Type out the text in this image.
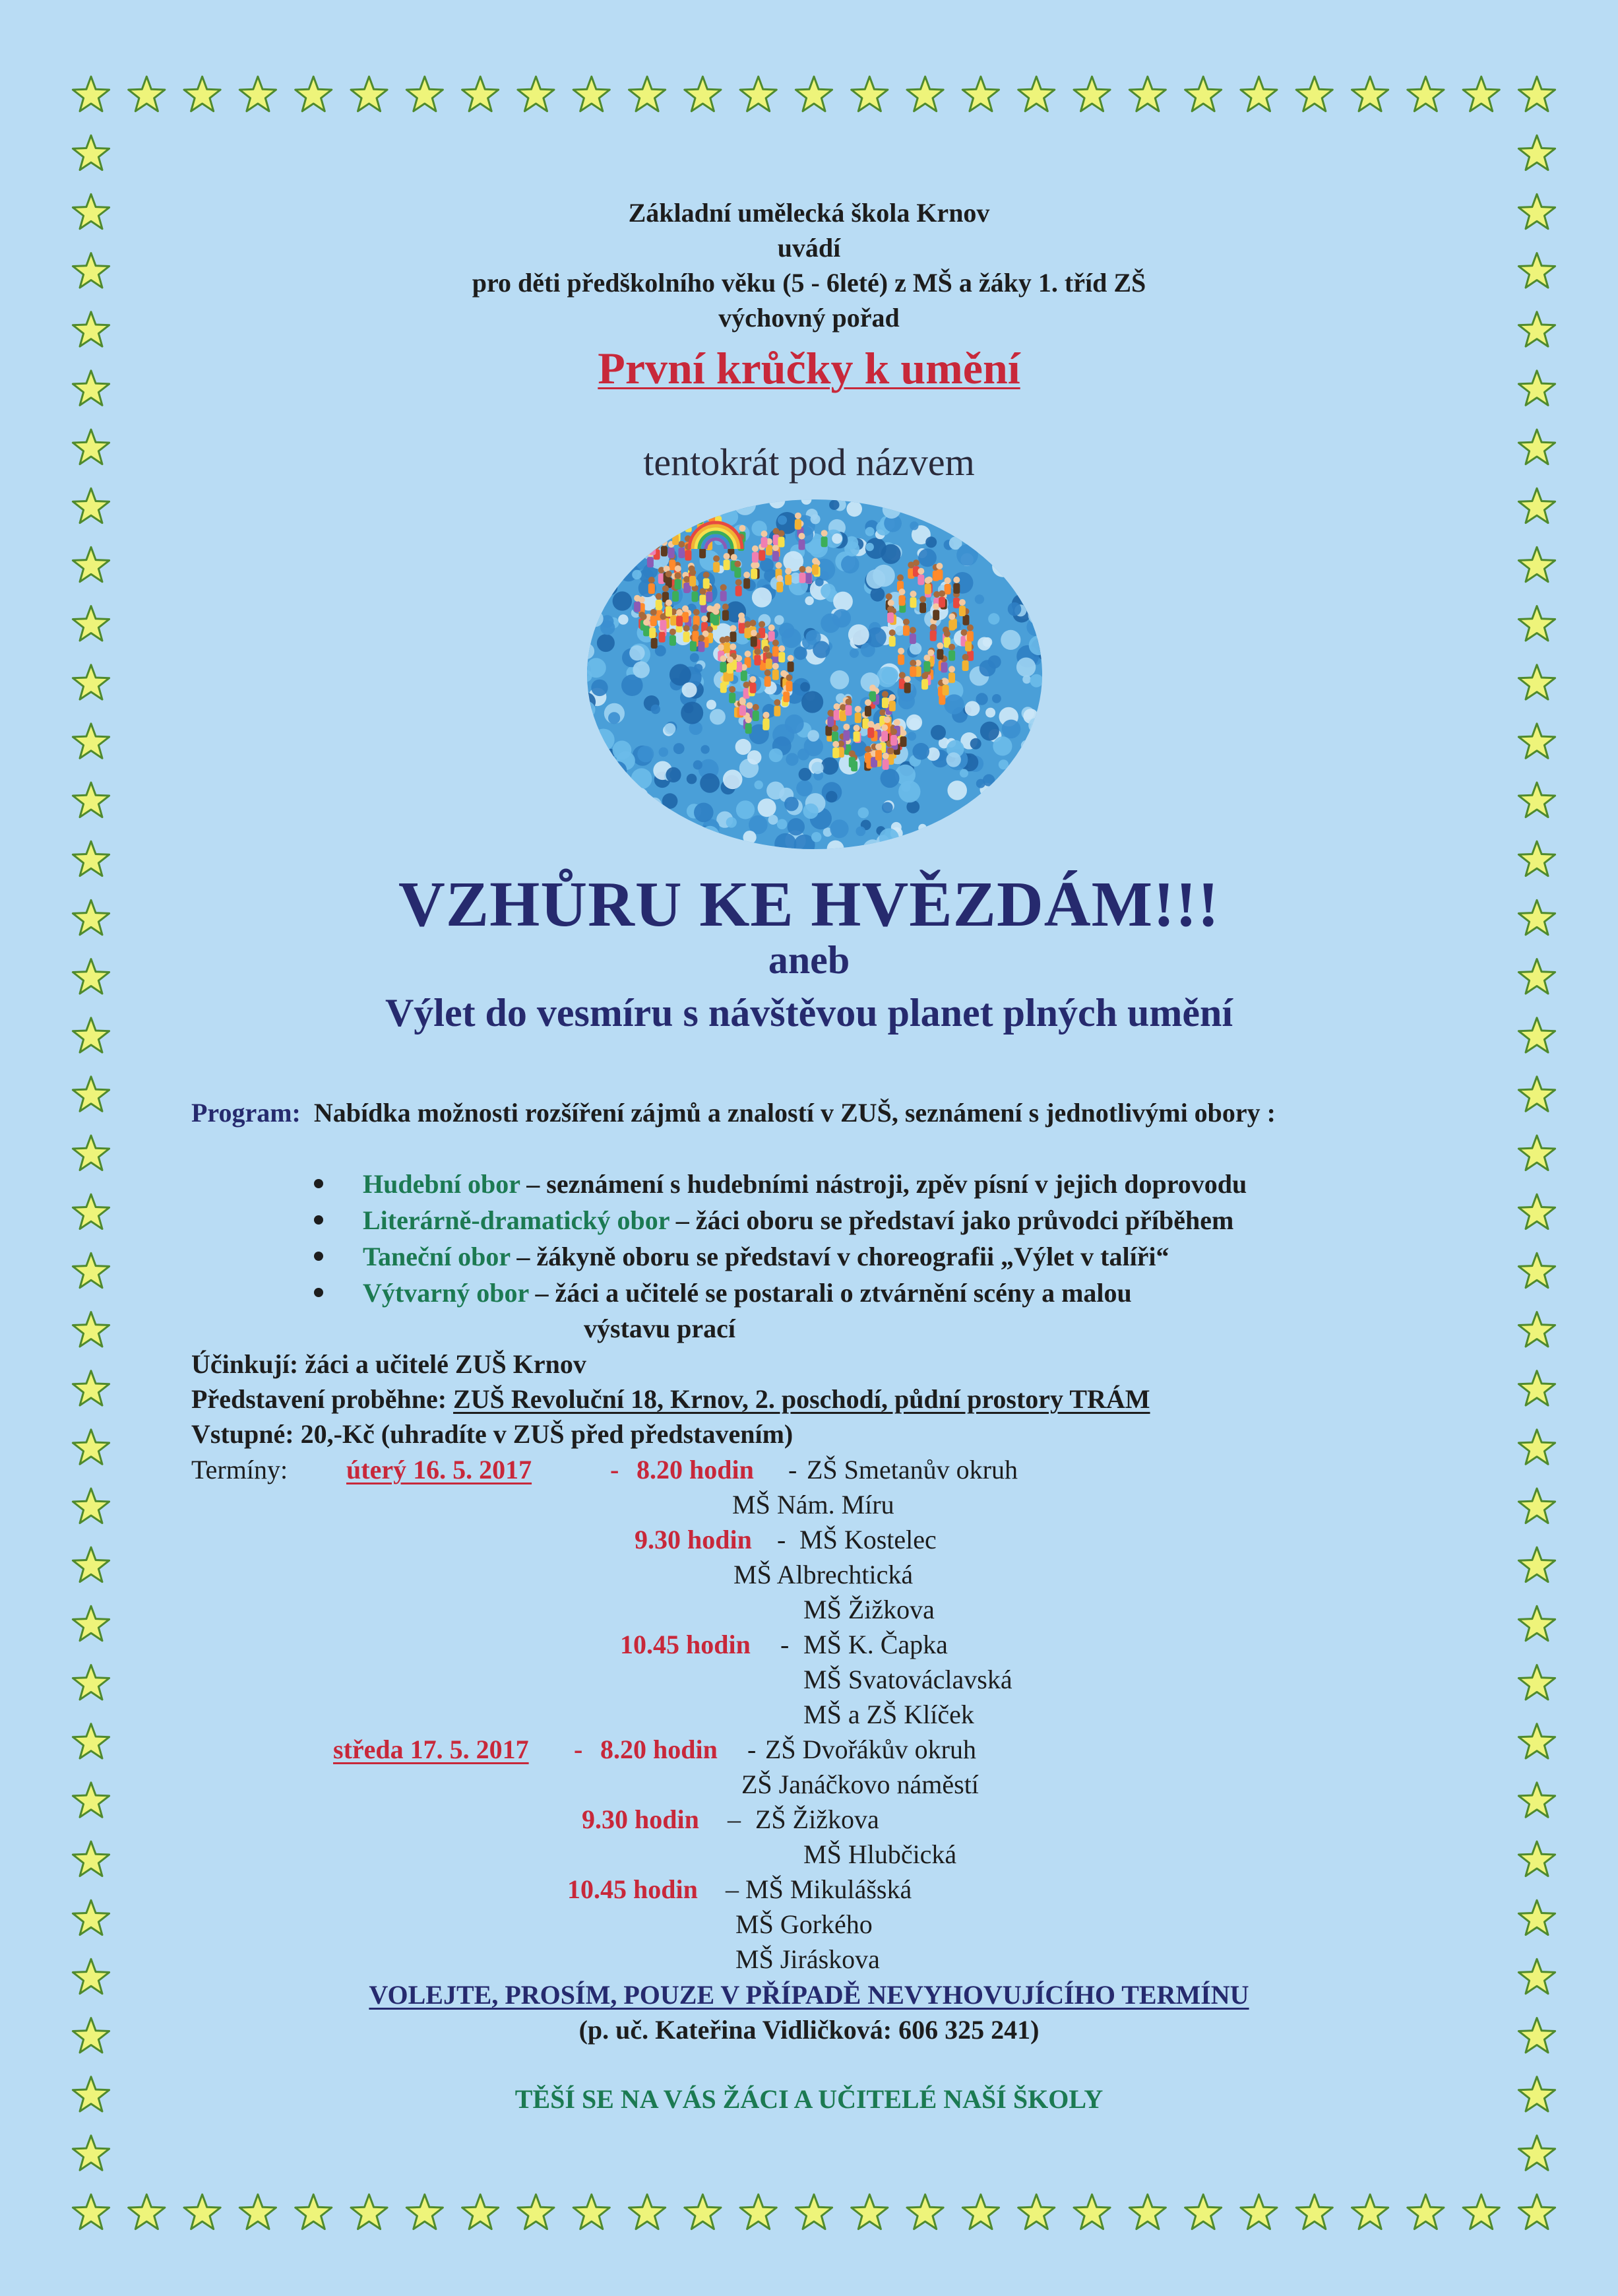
Základní umělecká škola Krnov
uvádí
pro děti předškolního věku (5 - 6leté) z MŠ a žáky 1. tříd ZŠ
výchovný pořad
První krůčky k umění
tentokrát pod názvem
VZHŮRU KE HVĚZDÁM!!!
aneb
Výlet do vesmíru s návštěvou planet plných umění
Program: Nabídka možnosti rozšíření zájmů a znalostí v ZUŠ, seznámení s jednotlivými obory :
Hudební obor – seznámení s hudebními nástroji, zpěv písní v jejich doprovodu
Literárně-dramatický obor – žáci oboru se představí jako průvodci příběhem
Taneční obor – žákyně oboru se představí v choreografii „Výlet v talíři“
Výtvarný obor – žáci a učitelé se postarali o ztvárnění scény a malou
výstavu prací
Účinkují: žáci a učitelé ZUŠ Krnov
Představení proběhne: ZUŠ Revoluční 18, Krnov, 2. poschodí, půdní prostory TRÁM
Vstupné: 20,-Kč (uhradíte v ZUŠ před představením)
Termíny: úterý 16. 5. 2017	- 8.20 hodin - ZŠ Smetanův okruh
MŠ Nám. Míru
9.30 hodin - MŠ Kostelec
MŠ Albrechtická
MŠ Žižkova
10.45 hodin - MŠ K. Čapka
MŠ Svatováclavská
MŠ a ZŠ Klíček
středa 17. 5. 2017 - 8.20 hodin - ZŠ Dvořákův okruh
ZŠ Janáčkovo náměstí
9.30 hodin – ZŠ Žižkova
MŠ Hlubčická
10.45 hodin – MŠ Mikulášská
MŠ Gorkého
MŠ Jiráskova
VOLEJTE, PROSÍM, POUZE V PŘÍPADĚ NEVYHOVUJÍCÍHO TERMÍNU
(p. uč. Kateřina Vidličková: 606 325 241)
TĚŠÍ SE NA VÁS ŽÁCI A UČITELÉ NAŠÍ ŠKOLY
